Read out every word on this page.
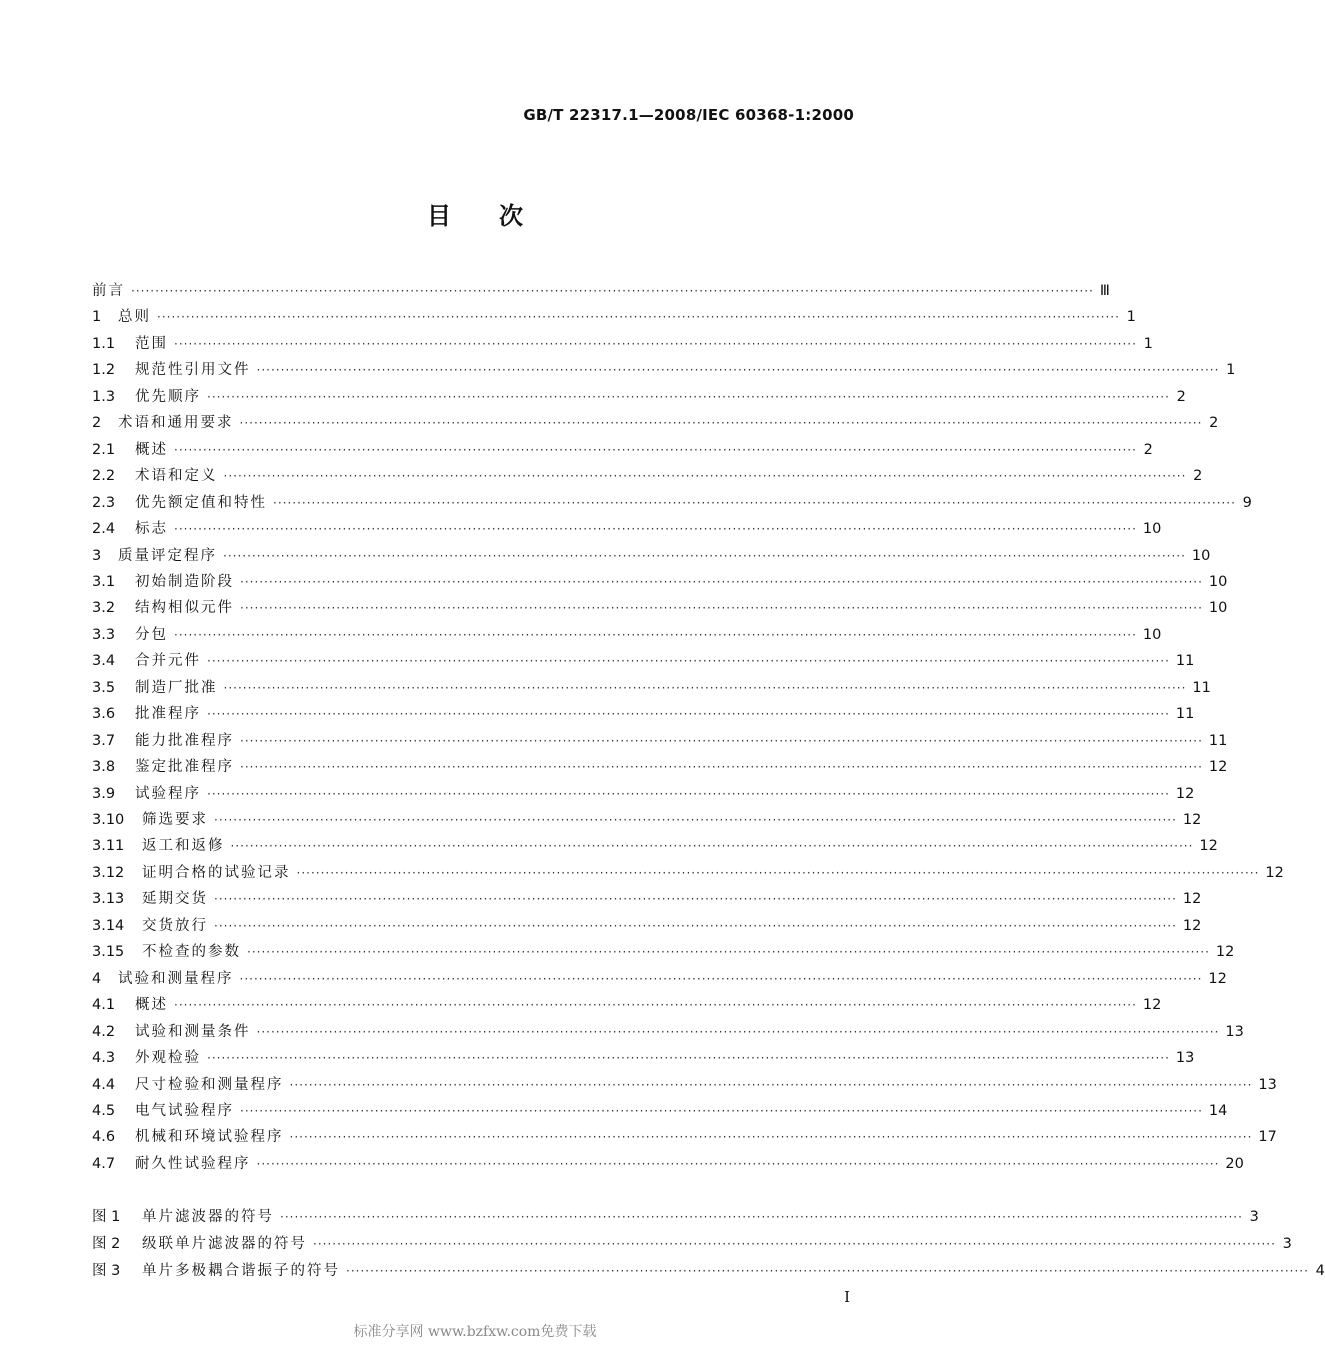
GB/T 22317.1—2008/IEC 60368-1:2000
目次
前言 ········································································································································································································ Ⅲ
1	总则 ········································································································································································································ 1
1.1	范围 ········································································································································································································ 1
1.2	规范性引用文件 ········································································································································································································ 1
1.3	优先顺序 ········································································································································································································ 2
2	术语和通用要求 ········································································································································································································ 2
2.1	概述 ········································································································································································································ 2
2.2	术语和定义 ········································································································································································································ 2
2.3	优先额定值和特性 ········································································································································································································ 9
2.4	标志 ········································································································································································································ 10
3	质量评定程序 ········································································································································································································ 10
3.1	初始制造阶段 ········································································································································································································ 10
3.2	结构相似元件 ········································································································································································································ 10
3.3	分包 ········································································································································································································ 10
3.4	合并元件 ········································································································································································································ 11
3.5	制造厂批准 ········································································································································································································ 11
3.6	批准程序 ········································································································································································································ 11
3.7	能力批准程序 ········································································································································································································ 11
3.8	鉴定批准程序 ········································································································································································································ 12
3.9	试验程序 ········································································································································································································ 12
3.10	筛选要求 ········································································································································································································ 12
3.11	返工和返修 ········································································································································································································ 12
3.12	证明合格的试验记录 ········································································································································································································ 12
3.13	延期交货 ········································································································································································································ 12
3.14	交货放行 ········································································································································································································ 12
3.15	不检查的参数 ········································································································································································································ 12
4	试验和测量程序 ········································································································································································································ 12
4.1	概述 ········································································································································································································ 12
4.2	试验和测量条件 ········································································································································································································ 13
4.3	外观检验 ········································································································································································································ 13
4.4	尺寸检验和测量程序 ········································································································································································································ 13
4.5	电气试验程序 ········································································································································································································ 14
4.6	机械和环境试验程序 ········································································································································································································ 17
4.7	耐久性试验程序 ········································································································································································································ 20
图 1	单片滤波器的符号 ········································································································································································································ 3
图 2	级联单片滤波器的符号 ········································································································································································································ 3
图 3	单片多极耦合谐振子的符号 ········································································································································································································ 4
I
标准分享网 www.bzfxw.com免费下载
